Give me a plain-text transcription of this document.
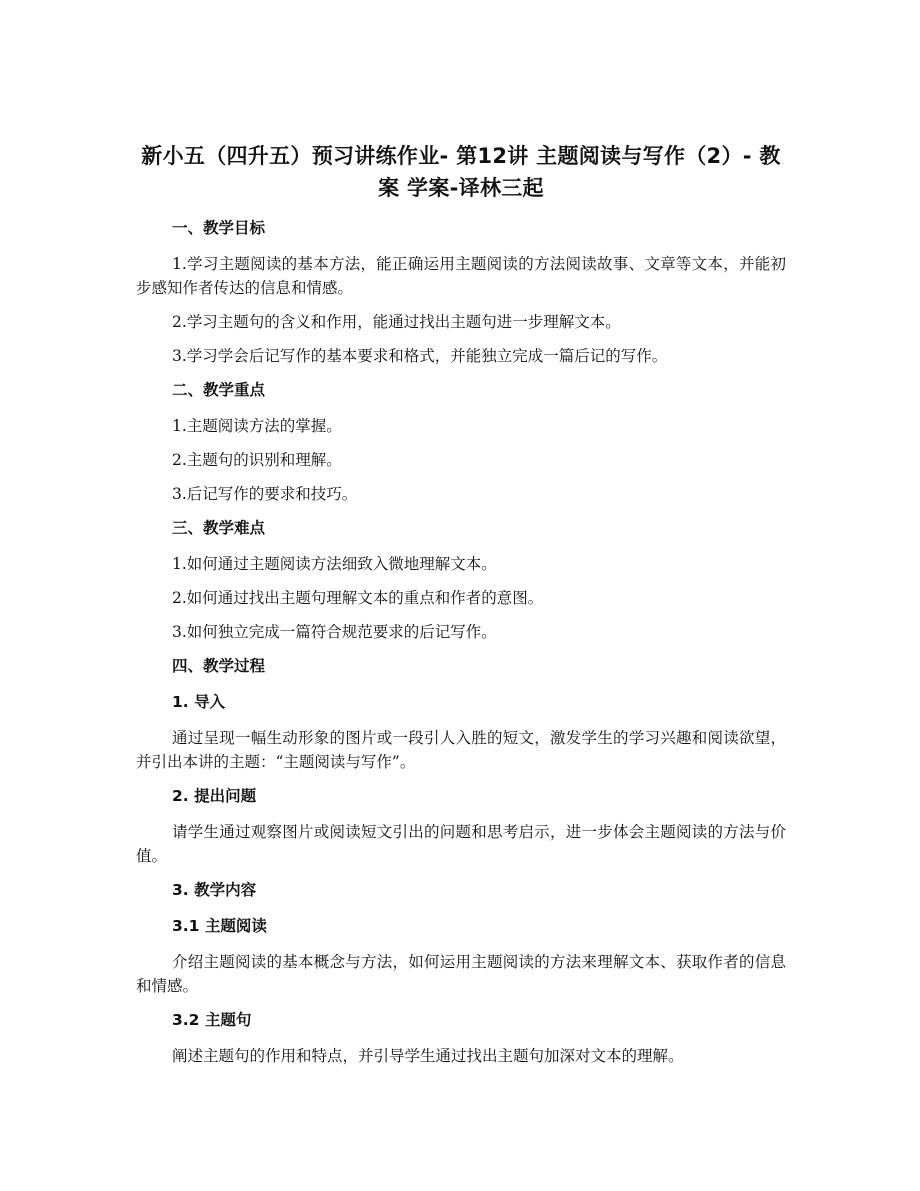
新小五（四升五）预习讲练作业- 第12讲 主题阅读与写作（2）- 教案 学案-译林三起
一、教学目标

1.学习主题阅读的基本方法，能正确运用主题阅读的方法阅读故事、文章等文本，并能初步感知作者传达的信息和情感。

2.学习主题句的含义和作用，能通过找出主题句进一步理解文本。

3.学习学会后记写作的基本要求和格式，并能独立完成一篇后记的写作。

二、教学重点

1.主题阅读方法的掌握。

2.主题句的识别和理解。

3.后记写作的要求和技巧。

三、教学难点

1.如何通过主题阅读方法细致入微地理解文本。

2.如何通过找出主题句理解文本的重点和作者的意图。

3.如何独立完成一篇符合规范要求的后记写作。

四、教学过程
1. 导入

通过呈现一幅生动形象的图片或一段引人入胜的短文，激发学生的学习兴趣和阅读欲望，并引出本讲的主题：“主题阅读与写作”。

2. 提出问题

请学生通过观察图片或阅读短文引出的问题和思考启示，进一步体会主题阅读的方法与价值。

3. 教学内容
3.1 主题阅读

介绍主题阅读的基本概念与方法，如何运用主题阅读的方法来理解文本、获取作者的信息和情感。

3.2 主题句

阐述主题句的作用和特点，并引导学生通过找出主题句加深对文本的理解。
